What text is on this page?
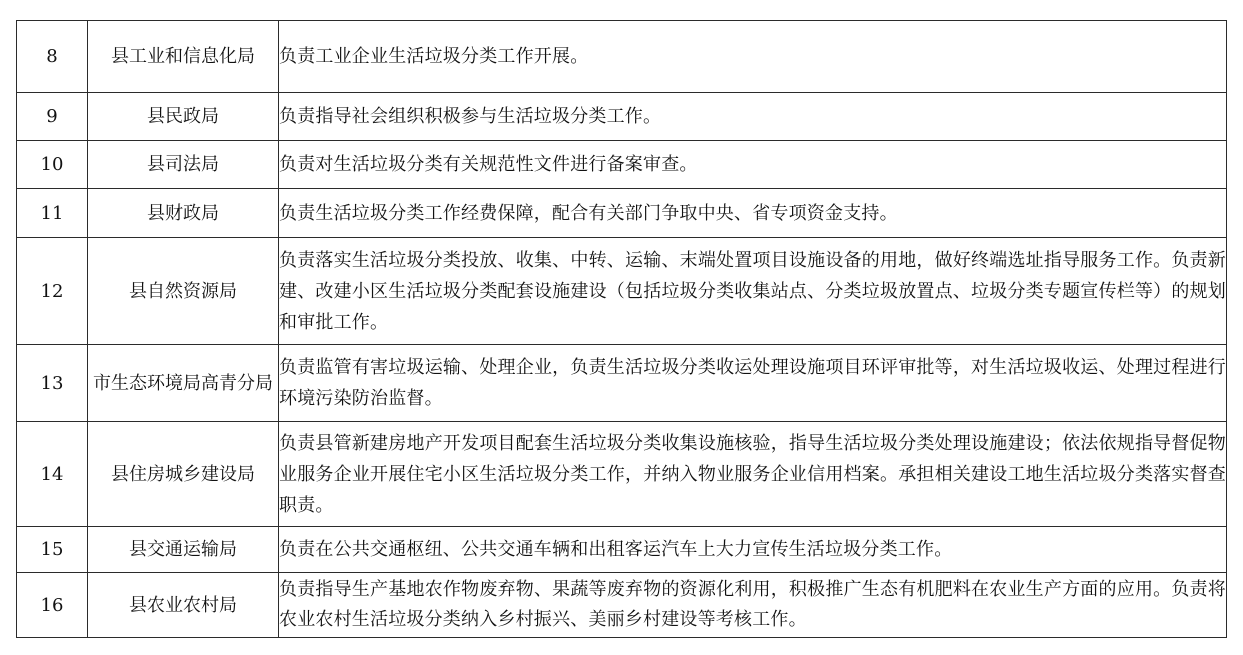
8	县工业和信息化局	负责工业企业生活垃圾分类工作开展。
9	县民政局	负责指导社会组织积极参与生活垃圾分类工作。
10	县司法局	负责对生活垃圾分类有关规范性文件进行备案审查。
11	县财政局	负责生活垃圾分类工作经费保障，配合有关部门争取中央、省专项资金支持。
12	县自然资源局	负责落实生活垃圾分类投放、收集、中转、运输、末端处置项目设施设备的用地，做好终端选址指导服务工作。负责新建、改建小区生活垃圾分类配套设施建设（包括垃圾分类收集站点、分类垃圾放置点、垃圾分类专题宣传栏等）的规划和审批工作。
13	市生态环境局高青分局	负责监管有害垃圾运输、处理企业，负责生活垃圾分类收运处理设施项目环评审批等，对生活垃圾收运、处理过程进行环境污染防治监督。
14	县住房城乡建设局	负责县管新建房地产开发项目配套生活垃圾分类收集设施核验，指导生活垃圾分类处理设施建设；依法依规指导督促物业服务企业开展住宅小区生活垃圾分类工作，并纳入物业服务企业信用档案。承担相关建设工地生活垃圾分类落实督查职责。
15	县交通运输局	负责在公共交通枢纽、公共交通车辆和出租客运汽车上大力宣传生活垃圾分类工作。
16	县农业农村局	负责指导生产基地农作物废弃物、果蔬等废弃物的资源化利用，积极推广生态有机肥料在农业生产方面的应用。负责将农业农村生活垃圾分类纳入乡村振兴、美丽乡村建设等考核工作。
